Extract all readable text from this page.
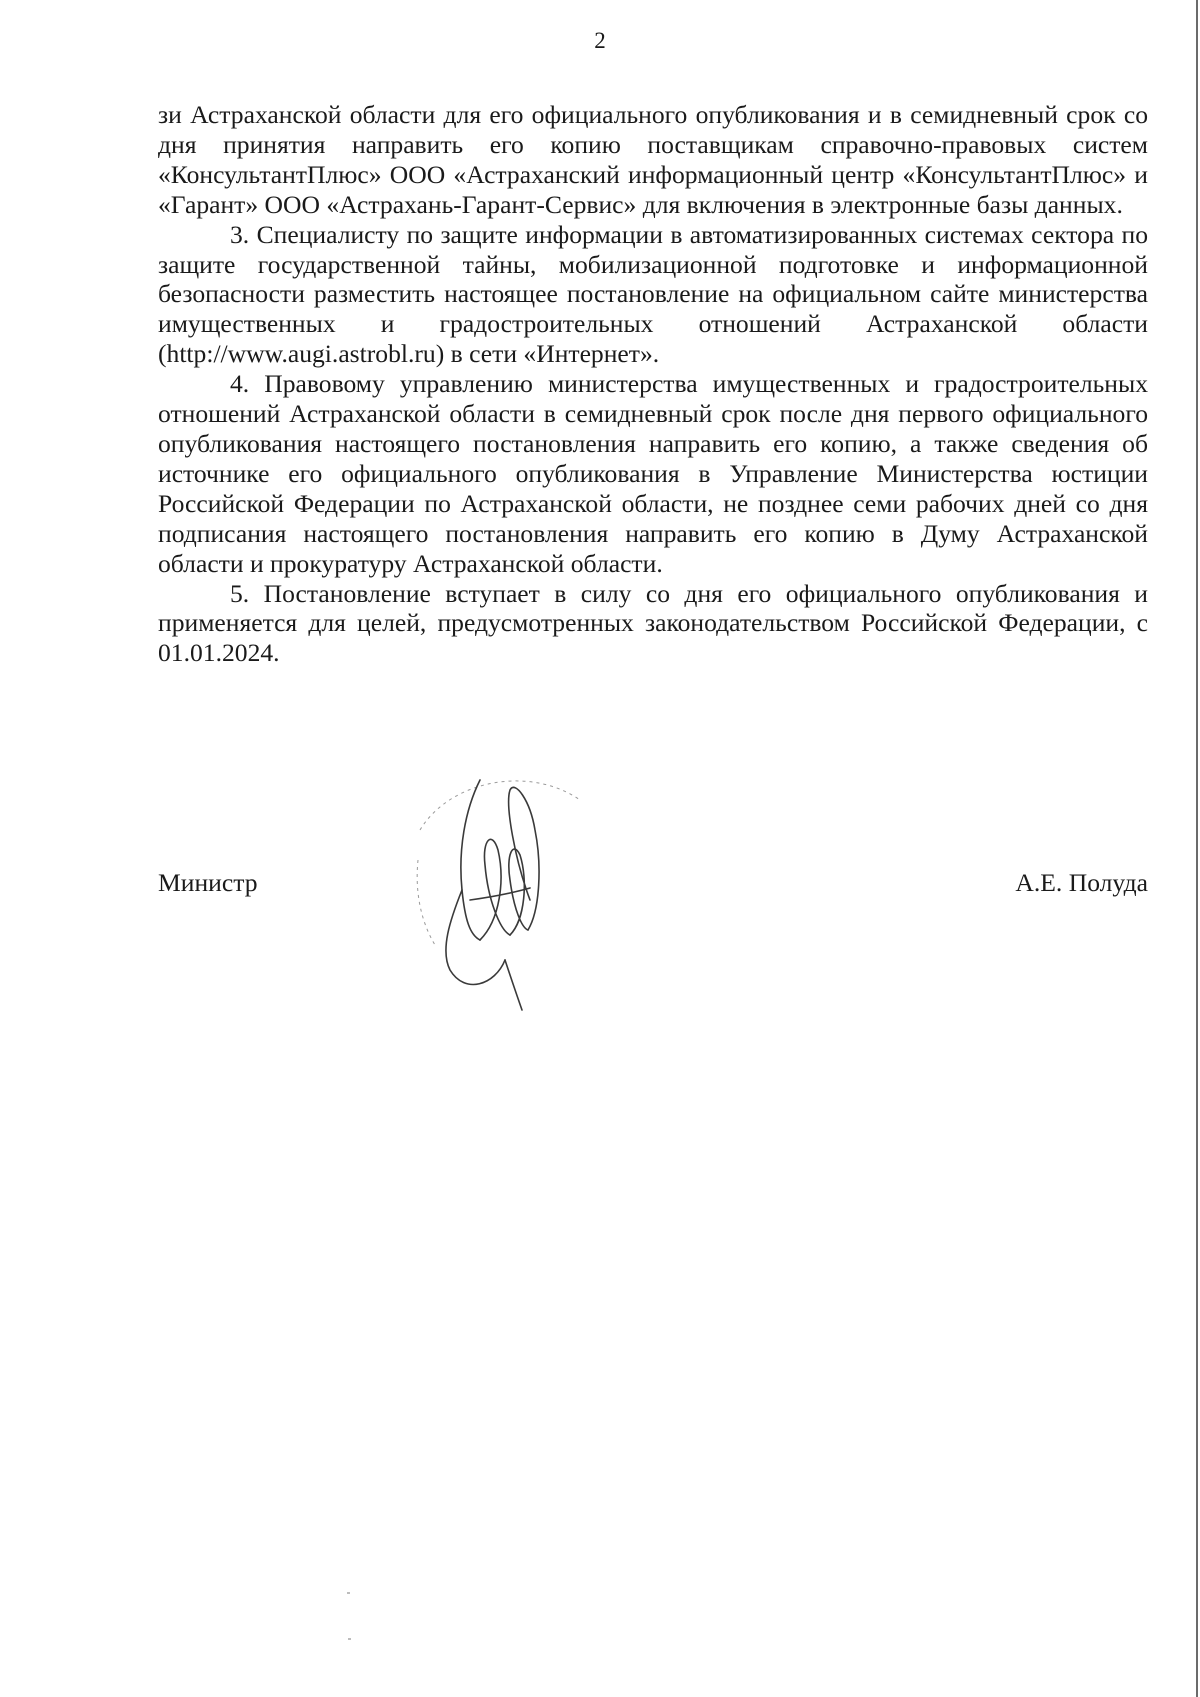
2

зи Астраханской области для его официального опубликования и в семидневный срок со дня принятия направить его копию поставщикам справочно-правовых систем «КонсультантПлюс» ООО «Астраханский информационный центр «КонсультантПлюс» и «Гарант» ООО «Астрахань-Гарант-Сервис» для включения в электронные базы данных.

3. Специалисту по защите информации в автоматизированных системах сектора по защите государственной тайны, мобилизационной подготовке и информационной безопасности разместить настоящее постановление на официальном сайте министерства имущественных и градостроительных отношений Астраханской области (http://www.augi.astrobl.ru) в сети «Интернет».

4. Правовому управлению министерства имущественных и градостроительных отношений Астраханской области в семидневный срок после дня первого официального опубликования настоящего постановления направить его копию, а также сведения об источнике его официального опубликования в Управление Министерства юстиции Российской Федерации по Астраханской области, не позднее семи рабочих дней со дня подписания настоящего постановления направить его копию в Думу Астраханской области и прокуратуру Астраханской области.

5. Постановление вступает в силу со дня его официального опубликования и применяется для целей, предусмотренных законодательством Российской Федерации, с 01.01.2024.

Министр	А.Е. Полуда
